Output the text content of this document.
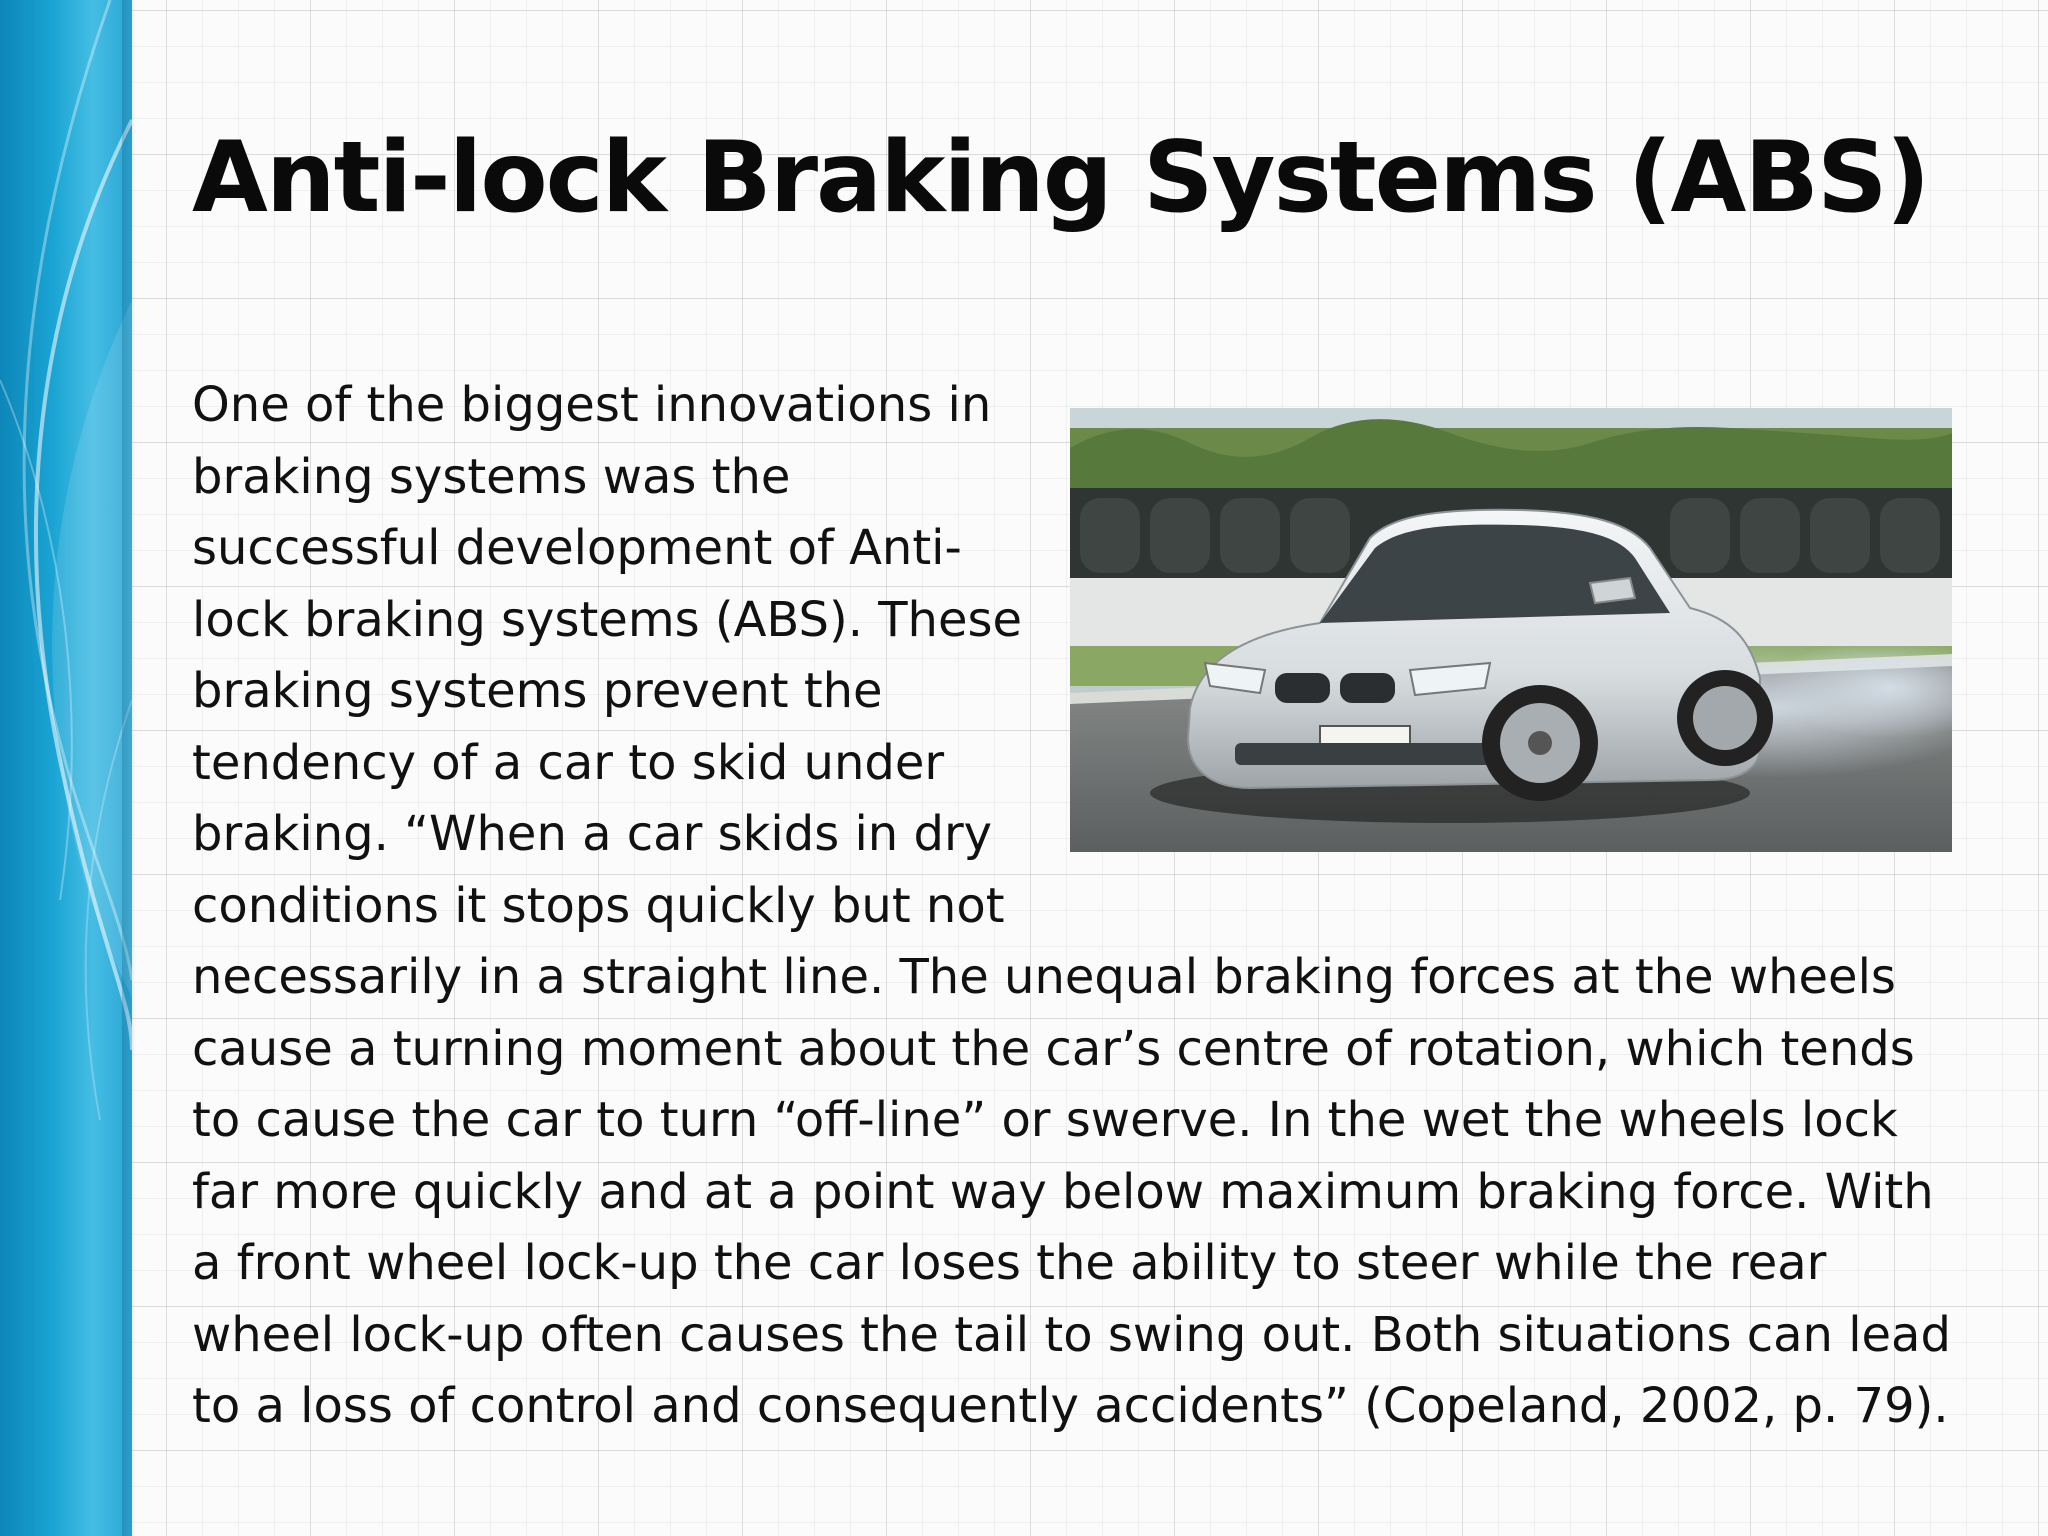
Anti-lock Braking Systems (ABS)

One of the biggest innovations in braking systems was the successful development of Anti-lock braking systems (ABS). These braking systems prevent the tendency of a car to skid under braking. “When a car skids in dry conditions it stops quickly but not necessarily in a straight line. The unequal braking forces at the wheels cause a turning moment about the car’s centre of rotation, which tends to cause the car to turn “off-line” or swerve. In the wet the wheels lock far more quickly and at a point way below maximum braking force. With a front wheel lock-up the car loses the ability to steer while the rear wheel lock-up often causes the tail to swing out. Both situations can lead to a loss of control and consequently accidents” (Copeland, 2002, p. 79).
